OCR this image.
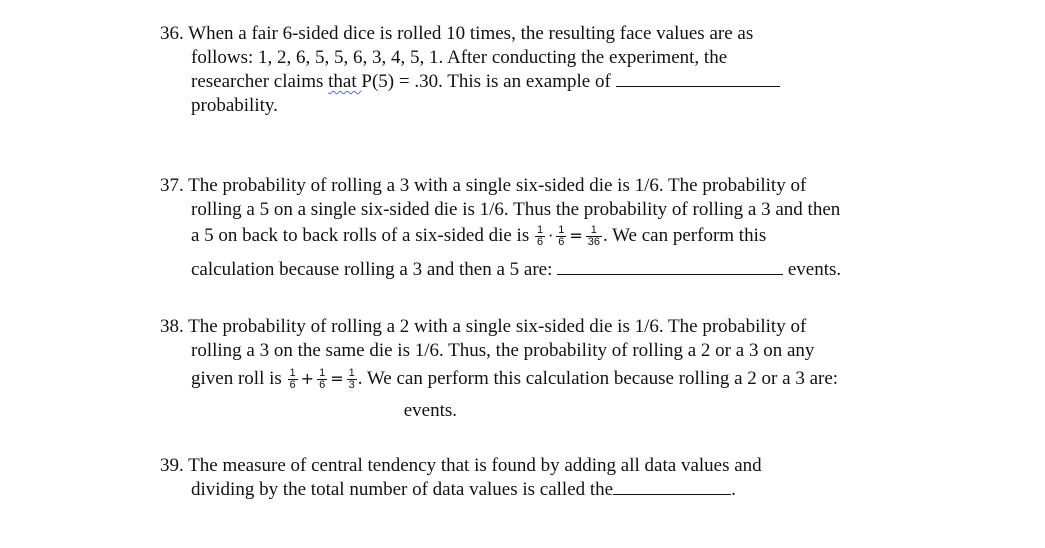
36. When a fair 6-sided dice is rolled 10 times, the resulting face values are as
follows: 1, 2, 6, 5, 5, 6, 3, 4, 5, 1. After conducting the experiment, the
researcher claims that P(5) = .30. This is an example of
probability.
37. The probability of rolling a 3 with a single six-sided die is 1/6. The probability of
rolling a 5 on a single six-sided die is 1/6. Thus the probability of rolling a 3 and then
a 5 on back to back rolls of a six-sided die is $\frac{1}{6} \cdot \frac{1}{6} = \frac{1}{36}$ . We can perform this
calculation because rolling a 3 and then a 5 are:	events.
38. The probability of rolling a 2 with a single six-sided die is 1/6. The probability of
rolling a 3 on the same die is 1/6. Thus, the probability of rolling a 2 or a 3 on any
given roll is $\frac{1}{6} + \frac{1}{6} = \frac{1}{3}$ . We can perform this calculation because rolling a 2 or a 3 are:
events.
39. The measure of central tendency that is found by adding all data values and
dividing by the total number of data values is called the	.
